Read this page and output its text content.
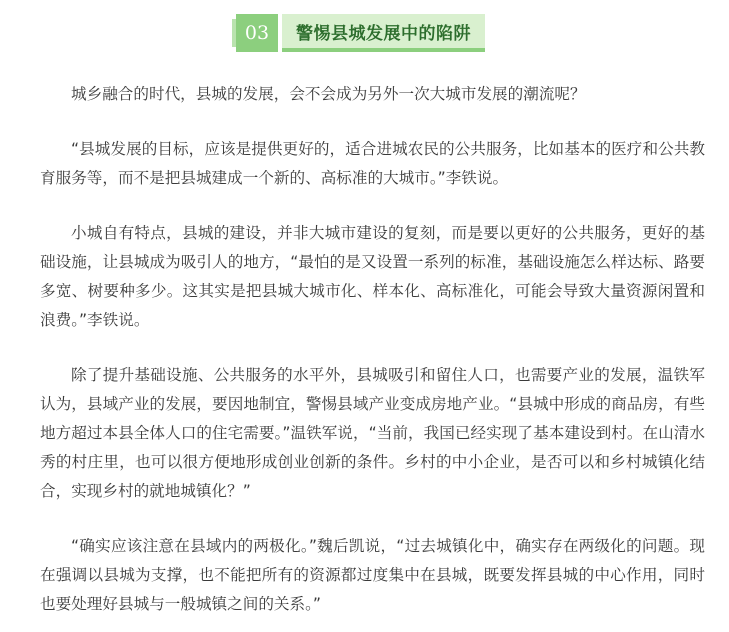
03 警惕县城发展中的陷阱

城乡融合的时代，县城的发展，会不会成为另外一次大城市发展的潮流呢？

“县城发展的目标，应该是提供更好的，适合进城农民的公共服务，比如基本的医疗和公共教育服务等，而不是把县城建成一个新的、高标准的大城市。”李铁说。

小城自有特点，县城的建设，并非大城市建设的复刻，而是要以更好的公共服务，更好的基础设施，让县城成为吸引人的地方，“最怕的是又设置一系列的标准，基础设施怎么样达标、路要多宽、树要种多少。这其实是把县城大城市化、样本化、高标准化，可能会导致大量资源闲置和浪费。”李铁说。

除了提升基础设施、公共服务的水平外，县城吸引和留住人口，也需要产业的发展，温铁军认为，县域产业的发展，要因地制宜，警惕县域产业变成房地产业。“县城中形成的商品房，有些地方超过本县全体人口的住宅需要。”温铁军说，“当前，我国已经实现了基本建设到村。在山清水秀的村庄里，也可以很方便地形成创业创新的条件。乡村的中小企业，是否可以和乡村城镇化结合，实现乡村的就地城镇化？”

“确实应该注意在县域内的两极化。”魏后凯说，“过去城镇化中，确实存在两级化的问题。现在强调以县城为支撑，也不能把所有的资源都过度集中在县城，既要发挥县城的中心作用，同时也要处理好县城与一般城镇之间的关系。”
